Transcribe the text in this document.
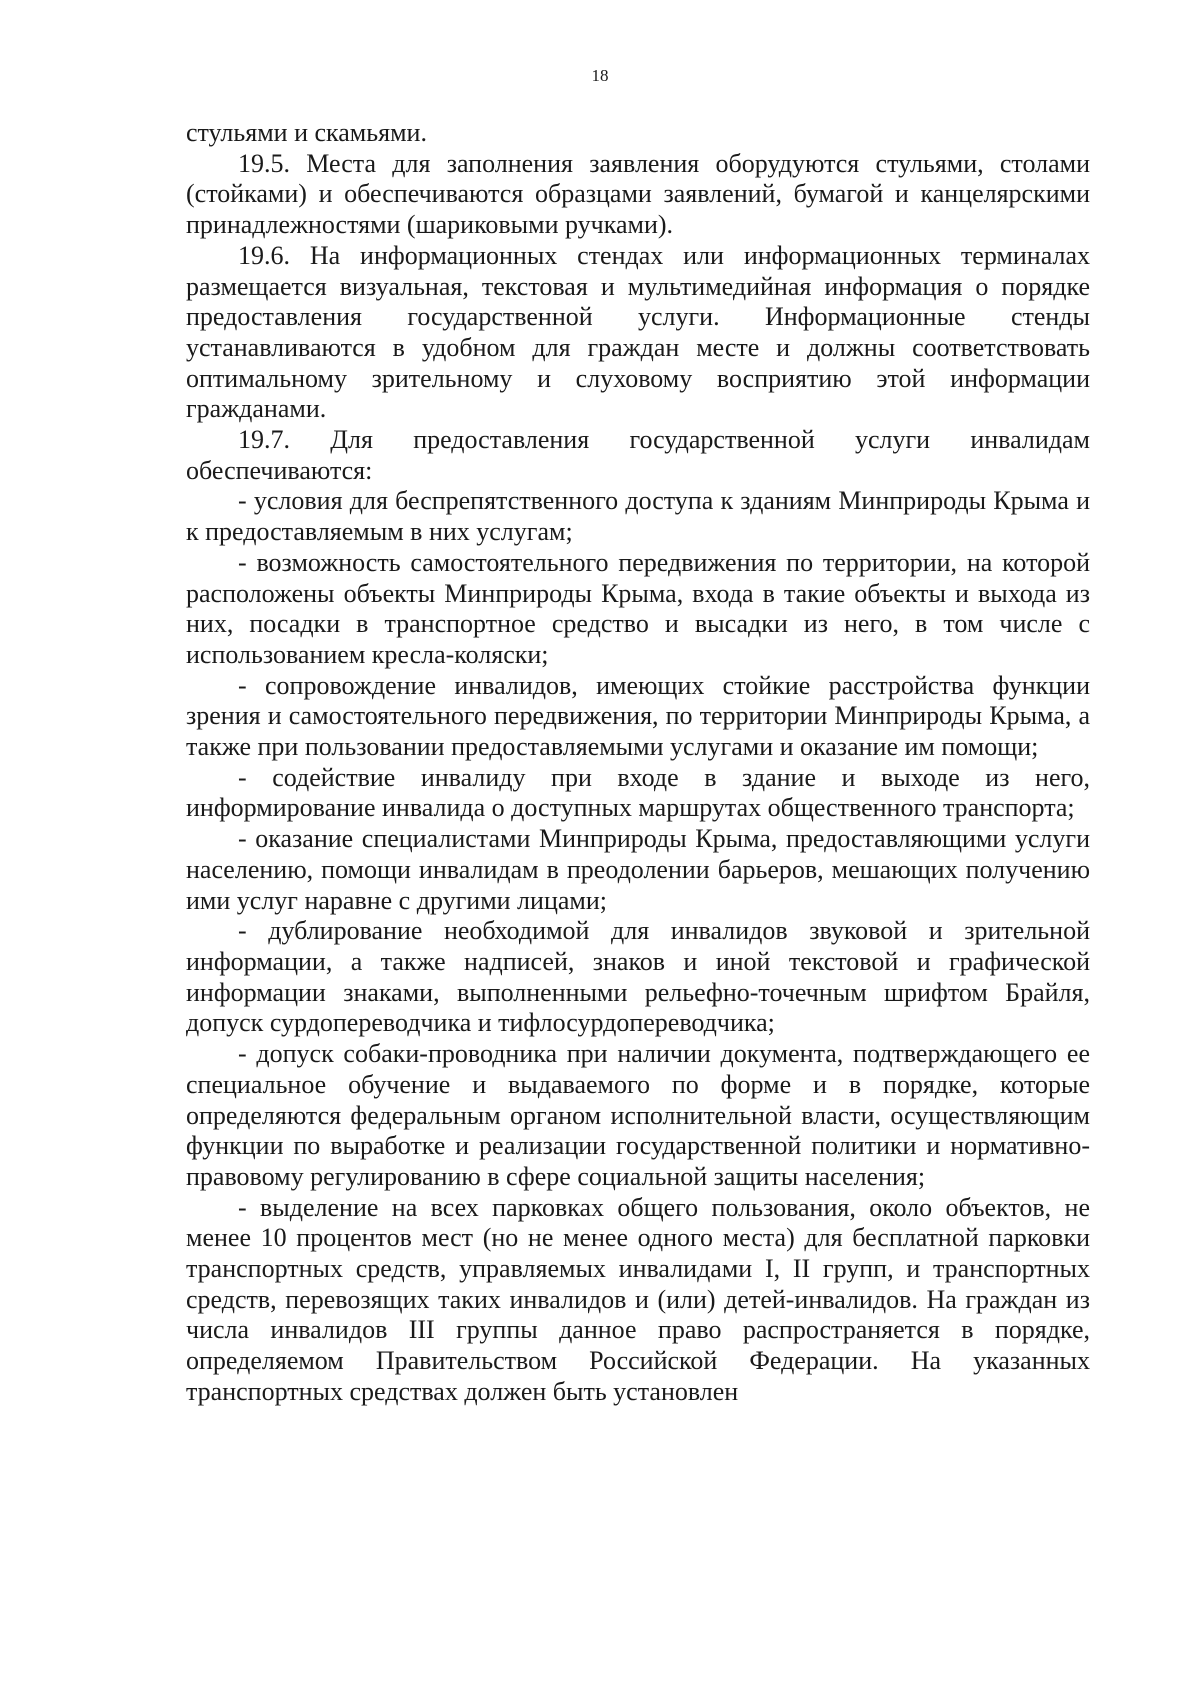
18

стульями и скамьями.

19.5. Места для заполнения заявления оборудуются стульями, столами (стойками) и обеспечиваются образцами заявлений, бумагой и канцелярскими принадлежностями (шариковыми ручками).

19.6. На информационных стендах или информационных терминалах размещается визуальная, текстовая и мультимедийная информация о порядке предоставления государственной услуги. Информационные стенды устанавливаются в удобном для граждан месте и должны соответствовать оптимальному зрительному и слуховому восприятию этой информации гражданами.

19.7. Для предоставления государственной услуги инвалидам обеспечиваются:

- условия для беспрепятственного доступа к зданиям Минприроды Крыма и к предоставляемым в них услугам;

- возможность самостоятельного передвижения по территории, на которой расположены объекты Минприроды Крыма, входа в такие объекты и выхода из них, посадки в транспортное средство и высадки из него, в том числе с использованием кресла-коляски;

- сопровождение инвалидов, имеющих стойкие расстройства функции зрения и самостоятельного передвижения, по территории Минприроды Крыма, а также при пользовании предоставляемыми услугами и оказание им помощи;

- содействие инвалиду при входе в здание и выходе из него, информирование инвалида о доступных маршрутах общественного транспорта;

- оказание специалистами Минприроды Крыма, предоставляющими услуги населению, помощи инвалидам в преодолении барьеров, мешающих получению ими услуг наравне с другими лицами;

- дублирование необходимой для инвалидов звуковой и зрительной информации, а также надписей, знаков и иной текстовой и графической информации знаками, выполненными рельефно-точечным шрифтом Брайля, допуск сурдопереводчика и тифлосурдопереводчика;

- допуск собаки-проводника при наличии документа, подтверждающего ее специальное обучение и выдаваемого по форме и в порядке, которые определяются федеральным органом исполнительной власти, осуществляющим функции по выработке и реализации государственной политики и нормативно-правовому регулированию в сфере социальной защиты населения;

- выделение на всех парковках общего пользования, около объектов, не менее 10 процентов мест (но не менее одного места) для бесплатной парковки транспортных средств, управляемых инвалидами I, II групп, и транспортных средств, перевозящих таких инвалидов и (или) детей-инвалидов. На граждан из числа инвалидов III группы данное право распространяется в порядке, определяемом Правительством Российской Федерации. На указанных транспортных средствах должен быть установлен
